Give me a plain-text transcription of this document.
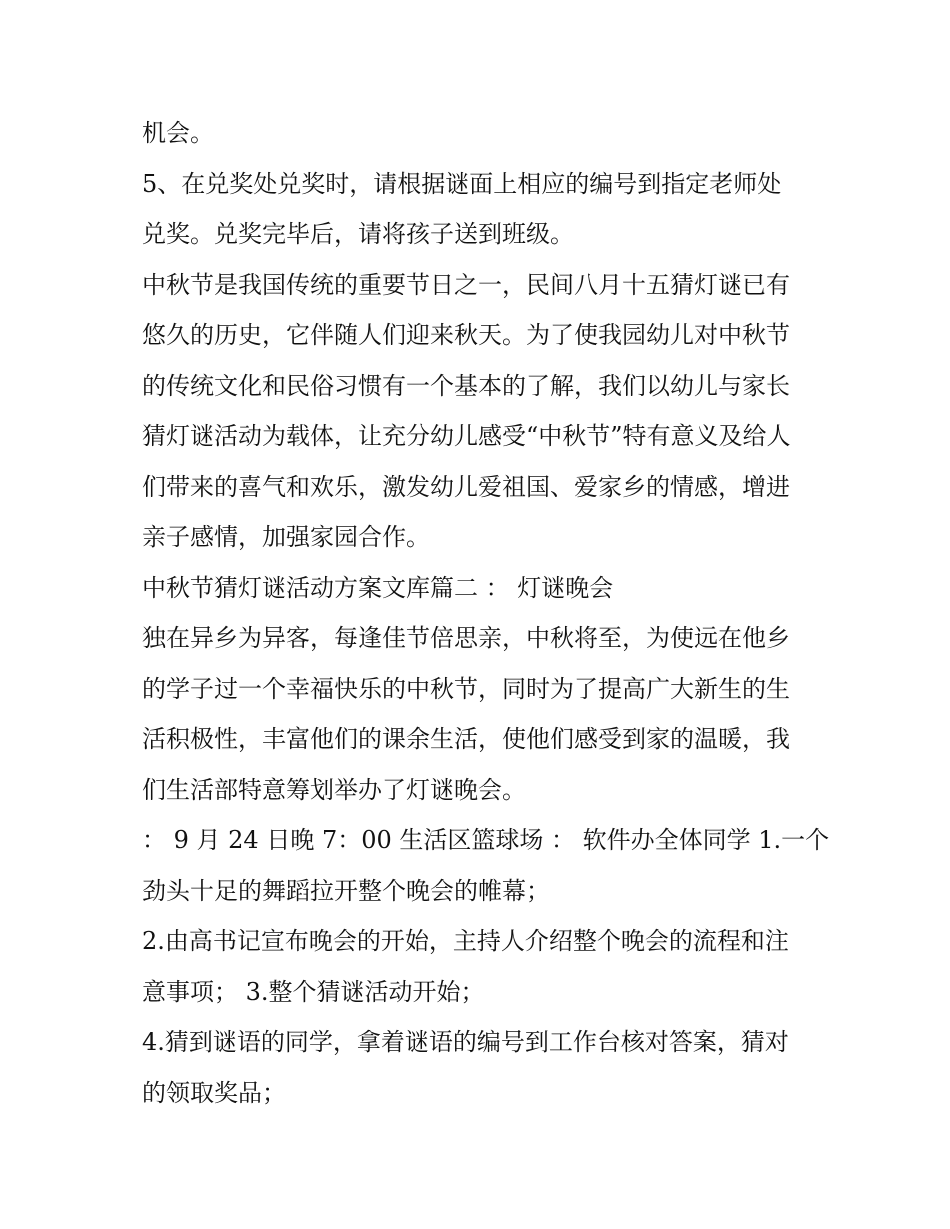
机会。

5、在兑奖处兑奖时，请根据谜面上相应的编号到指定老师处
兑奖。兑奖完毕后，请将孩子送到班级。

中秋节是我国传统的重要节日之一，民间八月十五猜灯谜已有
悠久的历史，它伴随人们迎来秋天。为了使我园幼儿对中秋节
的传统文化和民俗习惯有一个基本的了解，我们以幼儿与家长
猜灯谜活动为载体，让充分幼儿感受“中秋节”特有意义及给人
们带来的喜气和欢乐，激发幼儿爱祖国、爱家乡的情感，增进
亲子感情，加强家园合作。

中秋节猜灯谜活动方案文库篇二 ： 灯谜晚会

独在异乡为异客，每逢佳节倍思亲，中秋将至，为使远在他乡
的学子过一个幸福快乐的中秋节，同时为了提高广大新生的生
活积极性，丰富他们的课余生活，使他们感受到家的温暖，我
们生活部特意筹划举办了灯谜晚会。

： 9 月 24 日晚 7：00 生活区篮球场 ： 软件办全体同学 1.一个
劲头十足的舞蹈拉开整个晚会的帷幕；

2.由高书记宣布晚会的开始，主持人介绍整个晚会的流程和注
意事项； 3.整个猜谜活动开始；

4.猜到谜语的同学，拿着谜语的编号到工作台核对答案，猜对
的领取奖品；
